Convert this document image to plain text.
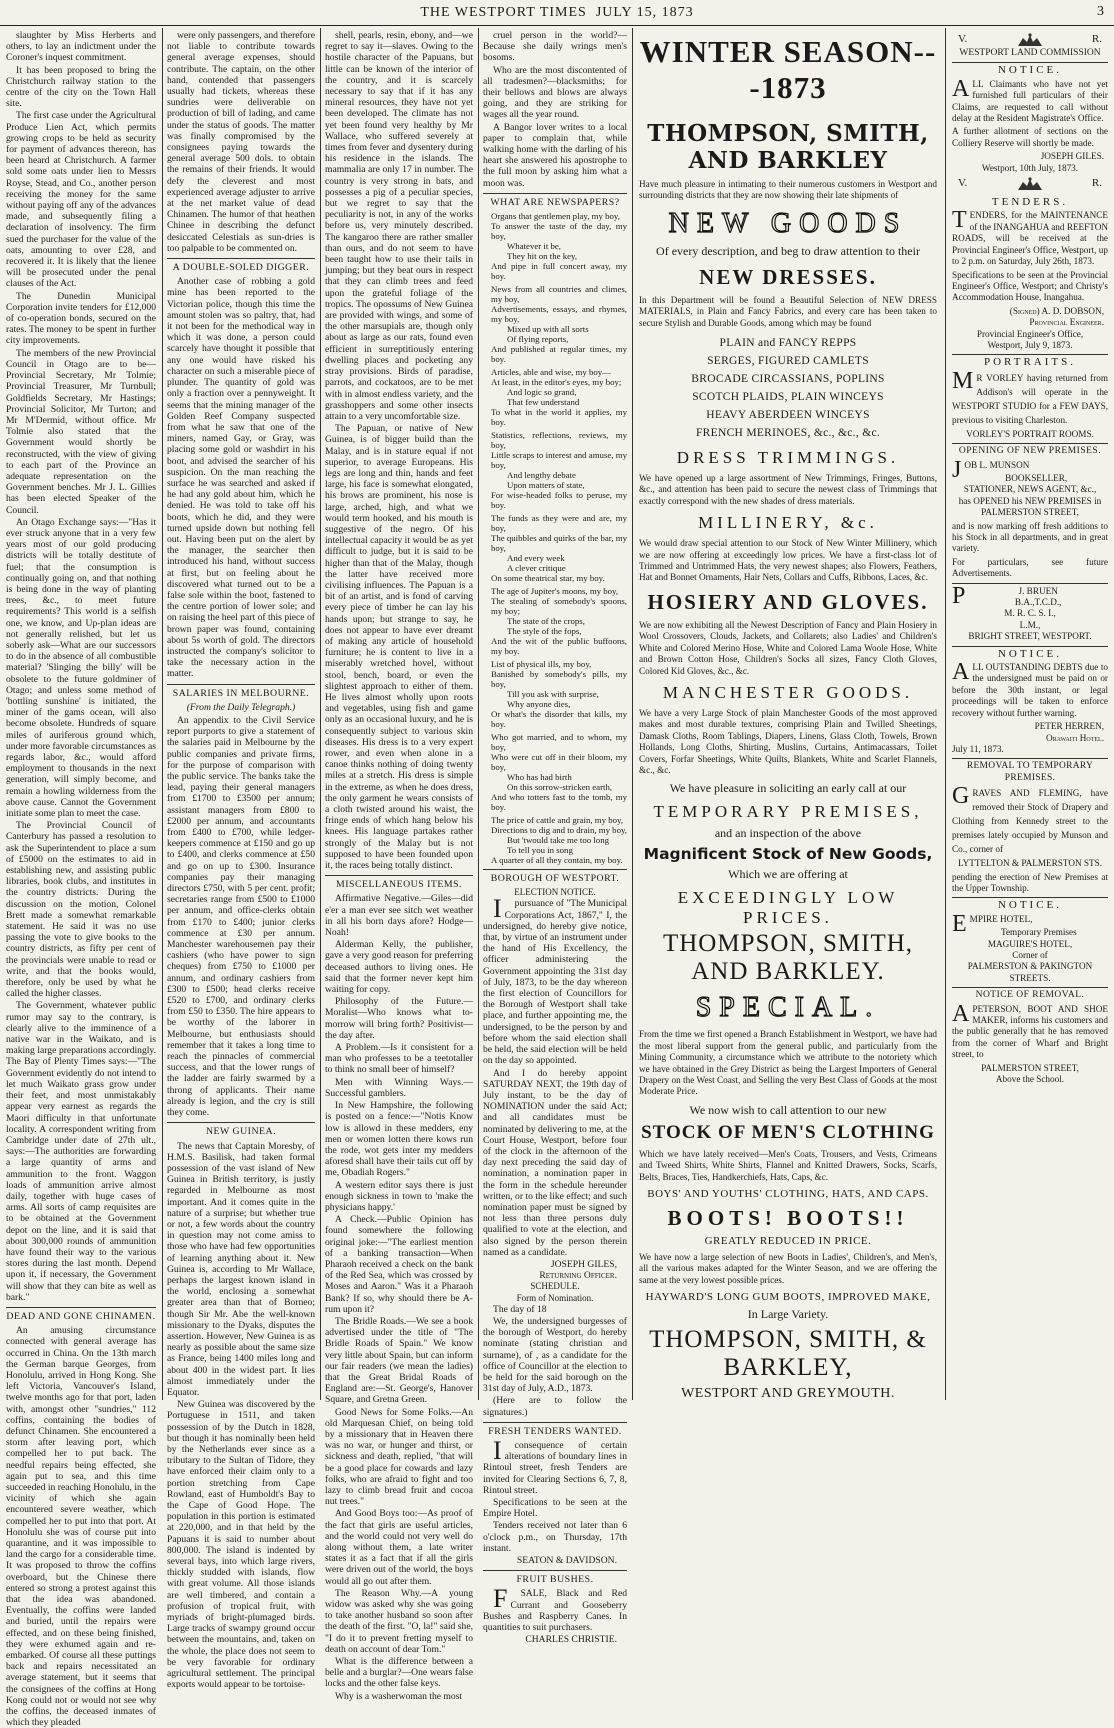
THE WESTPORT TIMES JULY 15, 1873	3

slaughter by Miss Herberts and others, to lay an indictment under the Coroner's inquest commitment.

It has been proposed to bring the Christchurch railway station to the centre of the city on the Town Hall site.

The first case under the Agricultural Produce Lien Act, which permits growing crops to be held as security for payment of advances thereon, has been heard at Christchurch. A farmer sold some oats under lien to Messrs Royse, Stead, and Co., another person receiving the money for the same without paying off any of the advances made, and subsequently filing a declaration of insolvency. The firm sued the purchaser for the value of the oats, amounting to over £28, and recovered it. It is likely that the lienee will be prosecuted under the penal clauses of the Act.

The Dunedin Municipal Corporation invite tenders for £12,000 of co-operation bonds, secured on the rates. The money to be spent in further city improvements.

The members of the new Provincial Council in Otago are to be—Provincial Secretary, Mr Tolmie; Provincial Treasurer, Mr Turnbull; Goldfields Secretary, Mr Hastings; Provincial Solicitor, Mr Turton; and Mr M'Dermid, without office. Mr Tolmie also stated that the Government would shortly be reconstructed, with the view of giving to each part of the Province an adequate representation on the Government benches. Mr J. L. Gillies has been elected Speaker of the Council.

An Otago Exchange says:—"Has it ever struck anyone that in a very few years most of our gold producing districts will be totally destitute of fuel; that the consumption is continually going on, and that nothing is being done in the way of planting trees, &c., to meet future requirements? This world is a selfish one, we know, and Up-plan ideas are not generally relished, but let us soberly ask—What are our successors to do in the absence of all combustible material? 'Slinging the billy' will be obsolete to the future goldminer of Otago; and unless some method of 'bottling sunshine' is initiated, the miner of the gams ocean, will also become obsolete. Hundreds of square miles of auriferous ground which, under more favorable circumstances as regards labor, &c., would afford employment to thousands in the next generation, will simply become, and remain a howling wilderness from the above cause. Cannot the Government initiate some plan to meet the case.

The Provincial Council of Canterbury has passed a resolution to ask the Superintendent to place a sum of £5000 on the estimates to aid in establishing new, and assisting public libraries, book clubs, and institutes in the country districts. During the discussion on the motion, Colonel Brett made a somewhat remarkable statement. He said it was no use passing the vote to give books to the country districts, as fifty per cent of the provincials were unable to read or write, and that the books would, therefore, only be used by what he called the higher classes.

The Government, whatever public rumor may say to the contrary, is clearly alive to the imminence of a native war in the Waikato, and is making large preparations accordingly. The Bay of Plenty Times says:—"The Government evidently do not intend to let much Waikato grass grow under their feet, and most unmistakably appear very earnest as regards the Maori difficulty in that unfortunate locality. A correspondent writing from Cambridge under date of 27th ult., says:—The authorities are forwarding a large quantity of arms and ammunition to the front. Waggon loads of ammunition arrive almost daily, together with huge cases of arms. All sorts of camp requisites are to be obtained at the Government depot on the line, and it is said that about 300,000 rounds of ammunition have found their way to the various stores during the last month. Depend upon it, if necessary, the Government will show that they can bite as well as bark."

DEAD AND GONE CHINAMEN.

An amusing circumstance connected with general average has occurred in China. On the 13th march the German barque Georges, from Honolulu, arrived in Hong Kong. She left Victoria, Vancouver's Island, twelve months ago for that port, laden with, amongst other "sundries," 112 coffins, containing the bodies of defunct Chinamen. She encountered a storm after leaving port, which compelled her to put back. The needful repairs being effected, she again put to sea, and this time succeeded in reaching Honolulu, in the vicinity of which she again encountered severe weather, which compelled her to put into that port. At Honolulu she was of course put into quarantine, and it was impossible to land the cargo for a considerable time. It was proposed to throw the coffins overboard, but the Chinese there entered so strong a protest against this that the idea was abandoned. Eventually, the coffins were landed and buried, until the repairs were effected, and on these being finished, they were exhumed again and re-embarked. Of course all these puttings back and repairs necessitated an average statement, but it seems that the consignees of the coffins at Hong Kong could not or would not see why the coffins, the deceased inmates of which they pleaded

were only passengers, and therefore not liable to contribute towards general average expenses, should contribute. The captain, on the other hand, contended that passengers usually had tickets, whereas these sundries were deliverable on production of bill of lading, and came under the status of goods. The matter was finally compromised by the consignees paying towards the general average 500 dols. to obtain the remains of their friends. It would defy the cleverest and most experienced average adjuster to arrive at the net market value of dead Chinamen. The humor of that heathen Chinee in describing the defunct desiccated Celestials as sun-dries is too palpable to be commented on.

A DOUBLE-SOLED DIGGER.

Another case of robbing a gold mine has been reported to the Victorian police, though this time the amount stolen was so paltry, that, had it not been for the methodical way in which it was done, a person could scarcely have thought it possible that any one would have risked his character on such a miserable piece of plunder. The quantity of gold was only a fraction over a pennyweight. It seems that the mining manager of the Golden Reef Company suspected from what he saw that one of the miners, named Gay, or Gray, was placing some gold or washdirt in his boot, and advised the searcher of his suspicion. On the man reaching the surface he was searched and asked if he had any gold about him, which he denied. He was told to take off his boots, which he did, and they were turned upside down but nothing fell out. Having been put on the alert by the manager, the searcher then introduced his hand, without success at first, but on feeling about he discovered what turned out to be a false sole within the boot, fastened to the centre portion of lower sole; and on raising the heel part of this piece of brown paper was found, containing about 5s worth of gold. The directors instructed the company's solicitor to take the necessary action in the matter.

SALARIES IN MELBOURNE.
(From the Daily Telegraph.)

An appendix to the Civil Service report purports to give a statement of the salaries paid in Melbourne by the public companies and private firms, for the purpose of comparison with the public service. The banks take the lead, paying their general managers from £1700 to £3500 per annum; assistant managers from £800 to £2000 per annum, and accountants from £400 to £700, while ledger-keepers commence at £150 and go up to £400, and clerks commence at £50 and go on up to £300. Insurance companies pay their managing directors £750, with 5 per cent. profit; secretaries range from £500 to £1000 per annum, and office-clerks obtain from £170 to £400; junior clerks commence at £30 per annum. Manchester warehousemen pay their cashiers (who have power to sign cheques) from £750 to £1000 per annum, and ordinary cashiers from £300 to £500; head clerks receive £520 to £700, and ordinary clerks from £50 to £350. The hire appears to be worthy of the laborer in Melbourne, but enthusiasts should remember that it takes a long time to reach the pinnacles of commercial success, and that the lower rungs of the ladder are fairly swarmed by a throng of applicants. Their name already is legion, and the cry is still they come.

NEW GUINEA.

The news that Captain Moresby, of H.M.S. Basilisk, had taken formal possession of the vast island of New Guinea in British territory, is justly regarded in Melbourne as most important. And it comes quite in the nature of a surprise; but whether true or not, a few words about the country in question may not come amiss to those who have had few opportunities of learning anything about it. New Guinea is, according to Mr Wallace, perhaps the largest known island in the world, enclosing a somewhat greater area than that of Borneo; though Sir Mr. Abe the well-known missionary to the Dyaks, disputes the assertion. However, New Guinea is as nearly as possible about the same size as France, being 1400 miles long and about 400 in the widest part. It lies almost immediately under the Equator.

New Guinea was discovered by the Portuguese in 1511, and taken possession of by the Dutch in 1828, but though it has nominally been held by the Netherlands ever since as a tributary to the Sultan of Tidore, they have enforced their claim only to a portion stretching from Cape Rowland, east of Humboldt's Bay to the Cape of Good Hope. The population in this portion is estimated at 220,000, and in that held by the Papuans it is said to number about 800,000. The island is indented by several bays, into which large rivers, thickly studded with islands, flow with great volume. All those islands are well timbered, and contain a profusion of tropical fruit, with myriads of bright-plumaged birds. Large tracks of swampy ground occur between the mountains, and, taken on the whole, the place does not seem to be very favorable for ordinary agricultural settlement. The principal exports would appear to be tortoise-

shell, pearls, resin, ebony, and—we regret to say it—slaves. Owing to the hostile character of the Papuans, but little can be known of the interior of the country, and it is scarcely necessary to say that if it has any mineral resources, they have not yet been developed. The climate has not yet been found very healthy by Mr Wallace, who suffered severely at times from fever and dysentery during his residence in the islands. The mammalia are only 17 in number. The country is very strong in bats, and possesses a pig of a peculiar species, but we regret to say that the peculiarity is not, in any of the works before us, very minutely described. The kangaroo there are rather smaller than ours, and do not seem to have been taught how to use their tails in jumping; but they beat ours in respect that they can climb trees and feed upon the grateful foliage of the tropics. The opossums of New Guinea are provided with wings, and some of the other marsupials are, though only about as large as our rats, found even efficient in surreptitiously entering dwelling places and pocketing any stray provisions. Birds of paradise, parrots, and cockatoos, are to be met with in almost endless variety, and the grasshoppers and some other insects attain to a very uncomfortable size.

The Papuan, or native of New Guinea, is of bigger build than the Malay, and is in stature equal if not superior, to average Europeans. His legs are long and thin, hands and feet large, his face is somewhat elongated, his brows are prominent, his nose is large, arched, high, and what we would term hooked, and his mouth is suggestive of the negro. Of his intellectual capacity it would be as yet difficult to judge, but it is said to be higher than that of the Malay, though the latter have received more civilising influences. The Papuan is a bit of an artist, and is fond of carving every piece of timber he can lay his hands upon; but strange to say, he does not appear to have ever dreamt of making any article of household furniture; he is content to live in a miserably wretched hovel, without stool, bench, board, or even the slightest approach to either of them. He lives almost wholly upon roots and vegetables, using fish and game only as an occasional luxury, and he is consequently subject to various skin diseases. His dress is to a very expert rower, and even when alone in a canoe thinks nothing of doing twenty miles at a stretch. His dress is simple in the extreme, as when he does dress, the only garment he wears consists of a cloth twisted around his waist, the fringe ends of which hang below his knees. His language partakes rather strongly of the Malay but is not supposed to have been founded upon it, the races being totally distinct.

MISCELLANEOUS ITEMS.

Affirmative Negative.—Giles—did e'er a man ever see sitch wet weather in all his born days afore? Hodge—Noah!

Alderman Kelly, the publisher, gave a very good reason for preferring deceased authors to living ones. He said that the former never kept him waiting for copy.

Philosophy of the Future.—Moralist—Who knows what to-morrow will bring forth? Positivist—the day after.

A Problem.—Is it consistent for a man who professes to be a teetotaller to think no small beer of himself?

Men with Winning Ways.—Successful gamblers.

In New Hampshire, the following is posted on a fence:—"Notis Know low is allowd in these medders, eny men or women lotten there kows run the rode, wot gets inter my medders aforesd shall have their tails cut off by me, Obadiah Rogers."

A western editor says there is just enough sickness in town to 'make the physicians happy.'

A Check.—Public Opinion has found somewhere the following original joke:—"The earliest mention of a banking transaction—When Pharaoh received a check on the bank of the Red Sea, which was crossed by Moses and Aaron." Was it a Pharaoh Bank? If so, why should there be A-rum upon it?

The Bridle Roads.—We see a book advertised under the title of "The Bridle Roads of Spain." We know very little about Spain, but can inform our fair readers (we mean the ladies) that the Great Bridal Roads of England are:—St. George's, Hanover Square, and Gretna Green.

Good News for Some Folks.—An old Marquesan Chief, on being told by a missionary that in Heaven there was no war, or hunger and thirst, or sickness and death, replied, "that will be a good place for cowards and lazy folks, who are afraid to fight and too lazy to climb bread fruit and cocoa nut trees."

And Good Boys too:—As proof of the fact that girls are useful articles, and the world could not very well do along without them, a late writer states it as a fact that if all the girls were driven out of the world, the boys would all go out after them.

The Reason Why.—A young widow was asked why she was going to take another husband so soon after the death of the first. "O, la!" said she, "I do it to prevent fretting myself to death on account of dear Tom."

What is the difference between a belle and a burglar?—One wears false locks and the other false keys.

Why is a washerwoman the most

cruel person in the world?—Because she daily wrings men's bosoms.

Who are the most discontented of all tradesmen?—blacksmiths; for their bellows and blows are always going, and they are striking for wages all the year round.

A Bangor lover writes to a local paper to complain that, while walking home with the darling of his heart she answered his apostrophe to the full moon by asking him what a moon was.

WHAT ARE NEWSPAPERS?
Organs that gentlemen play, my boy,
To answer the taste of the day, my boy,
Whatever it be,
They hit on the key,
And pipe in full concert away, my boy.
News from all countries and climes, my boy,
Advertisements, essays, and rhymes, my boy,
Mixed up with all sorts
Of flying reports,
And published at regular times, my boy.
Articles, able and wise, my boy—
At least, in the editor's eyes, my boy;
And logic so grand,
That few understand
To what in the world it applies, my boy.
Statistics, reflections, reviews, my boy,
Little scraps to interest and amuse, my boy,
And lengthy debate
Upon matters of state,
For wise-headed folks to peruse, my boy.
The funds as they were and are, my boy,
The quibbles and quirks of the bar, my boy,
And every week
A clever critique
On some theatrical star, my boy.
The age of Jupiter's moons, my boy,
The stealing of somebody's spoons, my boy;
The state of the crops,
The style of the fops,
And the wit of the public buffoons, my boy.
List of physical ills, my boy,
Banished by somebody's pills, my boy,
Till you ask with surprise,
Why anyone dies,
Or what's the disorder that kills, my boy.
Who got married, and to whom, my boy,
Who were cut off in their bloom, my boy,
Who has had birth
On this sorrow-stricken earth,
And who totters fast to the tomb, my boy.
The price of cattle and grain, my boy,
Directions to dig and to drain, my boy,
But 'twould take me too long
To tell you in song
A quarter of all they contain, my boy.
BOROUGH OF WESTPORT.
ELECTION NOTICE.

I	pursuance of "The Municipal Corporations Act, 1867," I, the undersigned, do hereby give notice, that, by virtue of an instrument under the hand of His Excellency, the officer administering the Government appointing the 31st day of July, 1873, to be the day whereon the first election of Councillors for the Borough of Westport shall take place, and further appointing me, the undersigned, to be the person by and before whom the said election shall be held, the said election will be held on the day so appointed.

And I do hereby appoint SATURDAY NEXT, the 19th day of July instant, to be the day of NOMINATION under the said Act; and all candidates must be nominated by delivering to me, at the Court House, Westport, before four of the clock in the afternoon of the day next preceding the said day of nomination, a nomination paper in the form in the schedule hereunder written, or to the like effect; and such nomination paper must be signed by not less than three persons duly qualified to vote at the election, and also signed by the person therein named as a candidate.

JOSEPH GILES,
Returning Officer.
SCHEDULE.
Form of Nomination.

The day of 18

We, the undersigned burgesses of the borough of Westport, do hereby nominate (stating christian and surname), of , as a candidate for the office of Councillor at the election to be held for the said borough on the 31st day of July, A.D., 1873.

(Here are to follow the signatures.)

FRESH TENDERS WANTED.

I	consequence of certain alterations of boundary lines in Rintoul street, fresh Tenders are invited for Clearing Sections 6, 7, 8, Rintoul street.

Specifications to be seen at the Empire Hotel.

Tenders received not later than 6 o'clock p.m., on Thursday, 17th instant.

SEATON & DAVIDSON.
FRUIT BUSHES.

F	SALE, Black and Red Currant and Gooseberry Bushes and Raspberry Canes. In quantities to suit purchasers.

CHARLES CHRISTIE.
WINTER SEASON---1873
THOMPSON, SMITH, AND BARKLEY
Have much pleasure in intimating to their numerous customers in Westport and surrounding districts that they are now showing their late shipments of
NEW GOODS
Of every description, and beg to draw attention to their
NEW DRESSES.
In this Department will be found a Beautiful Selection of NEW DRESS MATERIALS, in Plain and Fancy Fabrics, and every care has been taken to secure Stylish and Durable Goods, among which may be found
PLAIN and FANCY REPPS
SERGES, FIGURED CAMLETS
BROCADE CIRCASSIANS, POPLINS
SCOTCH PLAIDS, PLAIN WINCEYS
HEAVY ABERDEEN WINCEYS
FRENCH MERINOES, &c., &c., &c.
DRESS TRIMMINGS.
We have opened up a large assortment of New Trimmings, Fringes, Buttons, &c., and attention has been paid to secure the newest class of Trimmings that exactly correspond with the new shades of dress materials.
MILLINERY, &c.
We would draw special attention to our Stock of New Winter Millinery, which we are now offering at exceedingly low prices. We have a first-class lot of Trimmed and Untrimmed Hats, the very newest shapes; also Flowers, Feathers, Hat and Bonnet Ornaments, Hair Nets, Collars and Cuffs, Ribbons, Laces, &c.
HOSIERY AND GLOVES.
We are now exhibiting all the Newest Description of Fancy and Plain Hosiery in Wool Crossovers, Clouds, Jackets, and Collarets; also Ladies' and Children's White and Colored Merino Hose, White and Colored Lama Woole Hose, White and Brown Cotton Hose, Children's Socks all sizes, Fancy Cloth Gloves, Colored Kid Gloves, &c., &c.
MANCHESTER GOODS.
We have a very Large Stock of plain Manchester Goods of the most approved makes and most durable textures, comprising Plain and Twilled Sheetings, Damask Cloths, Room Tablings, Diapers, Linens, Glass Cloth, Towels, Brown Hollands, Long Cloths, Shirting, Muslins, Curtains, Antimacassars, Toilet Covers, Forfar Sheetings, White Quilts, Blankets, White and Scarlet Flannels, &c., &c.
We have pleasure in soliciting an early call at our
TEMPORARY PREMISES,
and an inspection of the above
Magnificent Stock of New Goods,
Which we are offering at
EXCEEDINGLY LOW PRICES.
THOMPSON, SMITH, AND BARKLEY.
SPECIAL.
From the time we first opened a Branch Establishment in Westport, we have had the most liberal support from the general public, and particularly from the Mining Community, a circumstance which we attribute to the notoriety which we have obtained in the Grey District as being the Largest Importers of General Drapery on the West Coast, and Selling the very Best Class of Goods at the most Moderate Price.
We now wish to call attention to our new
STOCK OF MEN'S CLOTHING
Which we have lately received—Men's Coats, Trousers, and Vests, Crimeans and Tweed Shirts, White Shirts, Flannel and Knitted Drawers, Socks, Scarfs, Belts, Braces, Ties, Handkerchiefs, Hats, Caps, &c.
BOYS' AND YOUTHS' CLOTHING, HATS, AND CAPS.
BOOTS! BOOTS!!
GREATLY REDUCED IN PRICE.
We have now a large selection of new Boots in Ladies', Children's, and Men's, all the various makes adapted for the Winter Season, and we are offering the same at the very lowest possible prices.
HAYWARD'S LONG GUM BOOTS, IMPROVED MAKE,
In Large Variety.
THOMPSON, SMITH, & BARKLEY,
WESTPORT AND GREYMOUTH.
V.	R.
WESTPORT LAND COMMISSION
NOTICE.

ALL Claimants who have not yet furnished full particulars of their Claims, are requested to call without delay at the Resident Magistrate's Office.

A further allotment of sections on the Colliery Reserve will shortly be made.

JOSEPH GILES.
Westport, 10th July, 1873.
V.	R.
TENDERS.

TENDERS, for the MAINTENANCE of the INANGAHUA and REEFTON ROADS, will be received at the Provincial Engineer's Office, Westport, up to 2 p.m. on Saturday, July 26th, 1873.

Specifications to be seen at the Provincial Engineer's Office, Westport; and Christy's Accommodation House, Inangahua.

(Signed) A. D. DOBSON,
Provincial Engineer.
Provincial Engineer's Office,
Westport, July 9, 1873.
PORTRAITS.

M R VORLEY having returned from Addison's will operate in the WESTPORT STUDIO for a FEW DAYS, previous to visiting Charleston.

VORLEY'S PORTRAIT ROOMS.
OPENING OF NEW PREMISES.

JOB L. MUNSON

BOOKSELLER,
STATIONER, NEWS AGENT, &c.,
has OPENED his NEW PREMISES in
PALMERSTON STREET,

and is now marking off fresh additions to his Stock in all departments, and in great variety.

For particulars, see future Advertisements.

P	J. BRUEN
B.A.,T.C.D.,
M. R. C. S. I.,
L.M.,
BRIGHT STREET, WESTPORT.
NOTICE.

ALL OUTSTANDING DEBTS due to the undersigned must be paid on or before the 30th instant, or legal proceedings will be taken to enforce recovery without further warning.

PETER HERREN,
Orawaiti Hotel.
July 11, 1873.
REMOVAL TO TEMPORARY PREMISES.

GRAVES AND FLEMING, have removed their Stock of Drapery and Clothing from Kennedy street to the premises lately occupied by Munson and Co., corner of

LYTTELTON & PALMERSTON STS.

pending the erection of New Premises at the Upper Township.

NOTICE.

EMPIRE HOTEL,

Temporary Premises
MAGUIRE'S HOTEL,
Corner of
PALMERSTON & PAKINGTON
STREETS.
NOTICE OF REMOVAL.

APETERSON, BOOT AND SHOE MAKER, informs his customers and the public generally that he has removed from the corner of Wharf and Bright street, to

PALMERSTON STREET,
Above the School.
